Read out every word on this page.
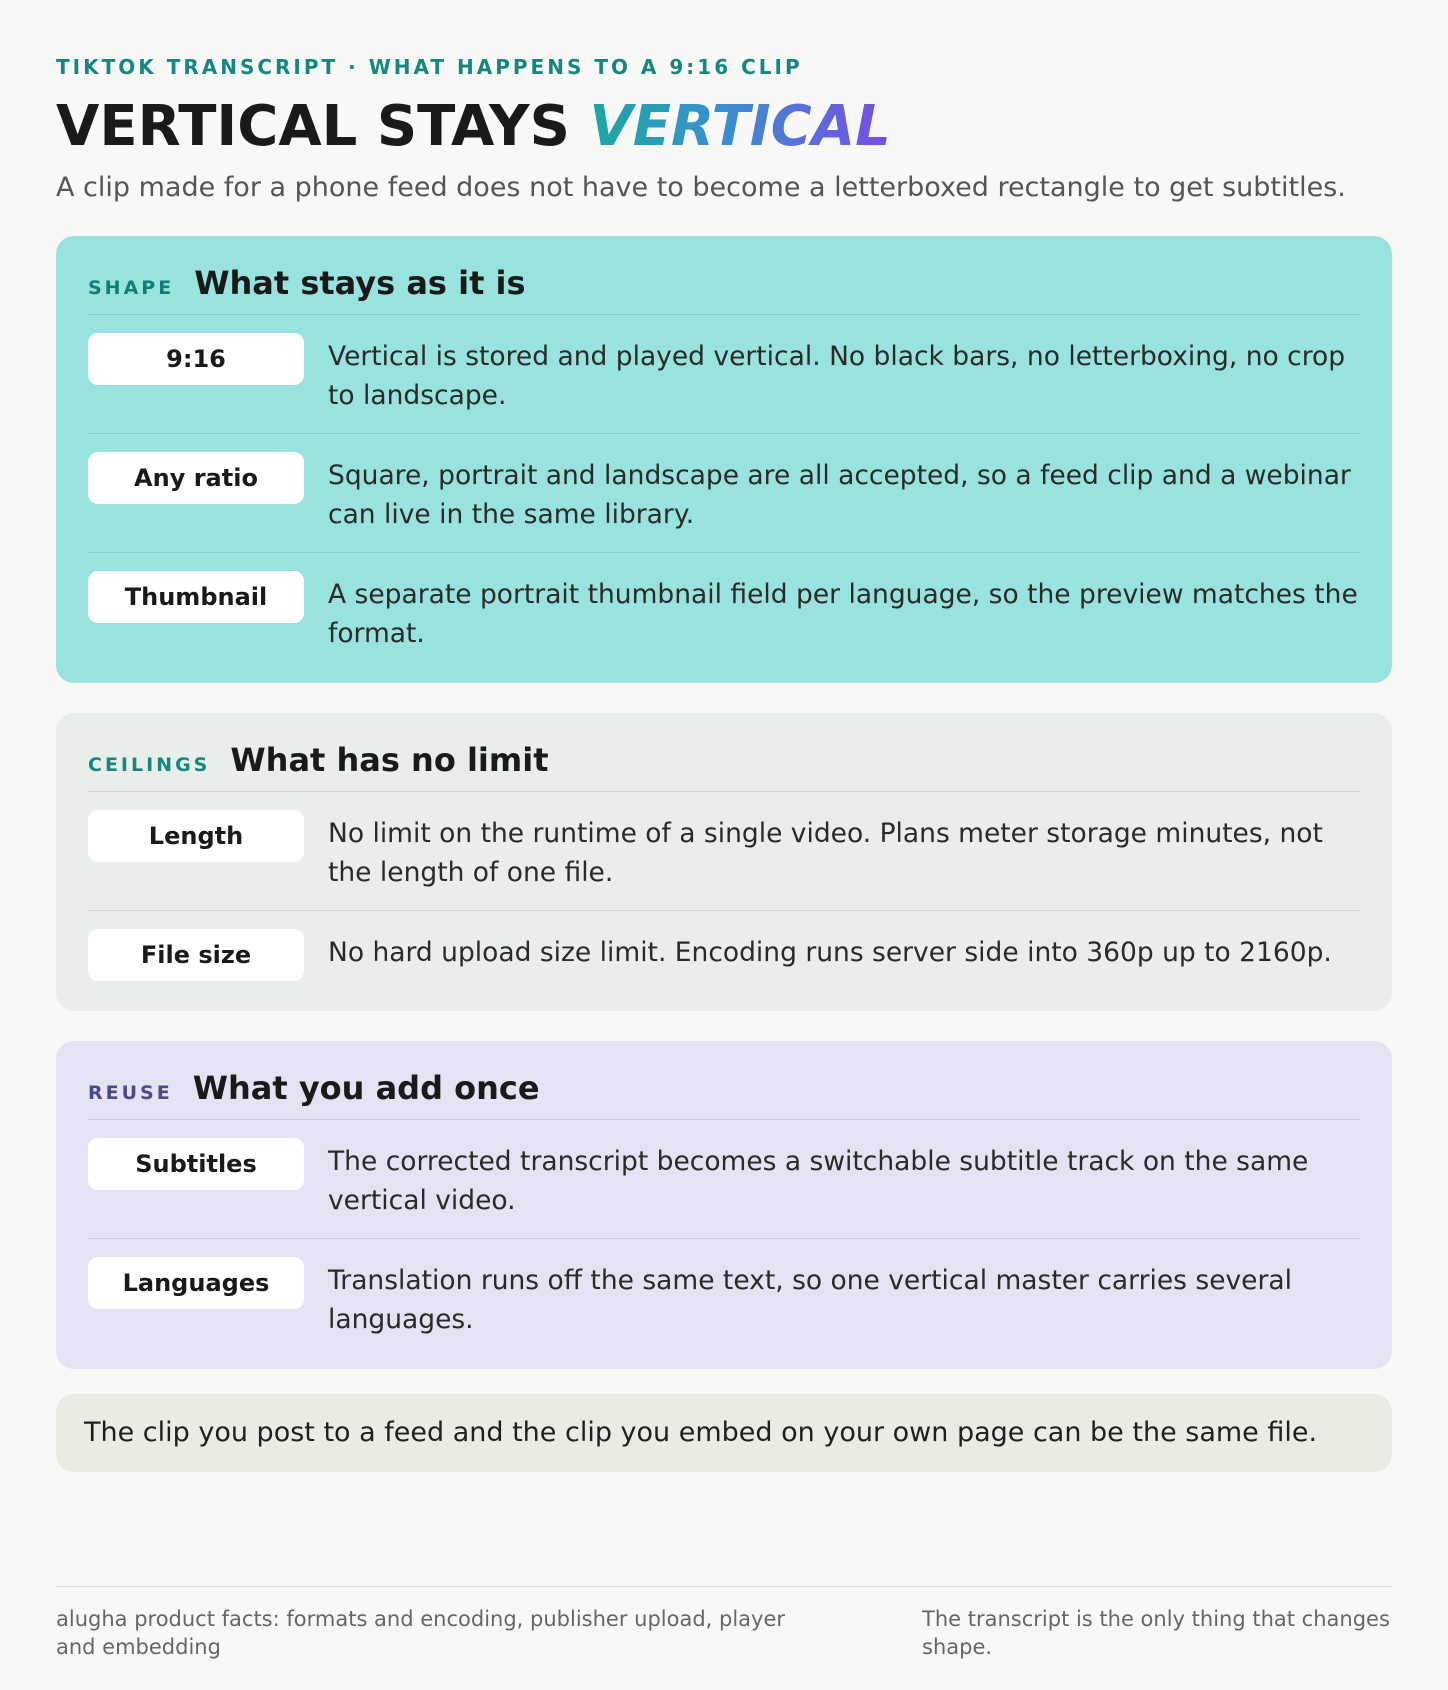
TIKTOK TRANSCRIPT · WHAT HAPPENS TO A 9:16 CLIP
VERTICAL STAYS VERTICAL

A clip made for a phone feed does not have to become a letterboxed rectangle to get subtitles.

SHAPE What stays as it is
9:16	Vertical is stored and played vertical. No black bars, no letterboxing, no crop to landscape.
Any ratio	Square, portrait and landscape are all accepted, so a feed clip and a webinar can live in the same library.
Thumbnail	A separate portrait thumbnail field per language, so the preview matches the format.
CEILINGS What has no limit
Length	No limit on the runtime of a single video. Plans meter storage minutes, not the length of one file.
File size	No hard upload size limit. Encoding runs server side into 360p up to 2160p.
REUSE What you add once
Subtitles	The corrected transcript becomes a switchable subtitle track on the same vertical video.
Languages	Translation runs off the same text, so one vertical master carries several languages.
The clip you post to a feed and the clip you embed on your own page can be the same file.
alugha product facts: formats and encoding, publisher upload, player and embedding
The transcript is the only thing that changes shape.
